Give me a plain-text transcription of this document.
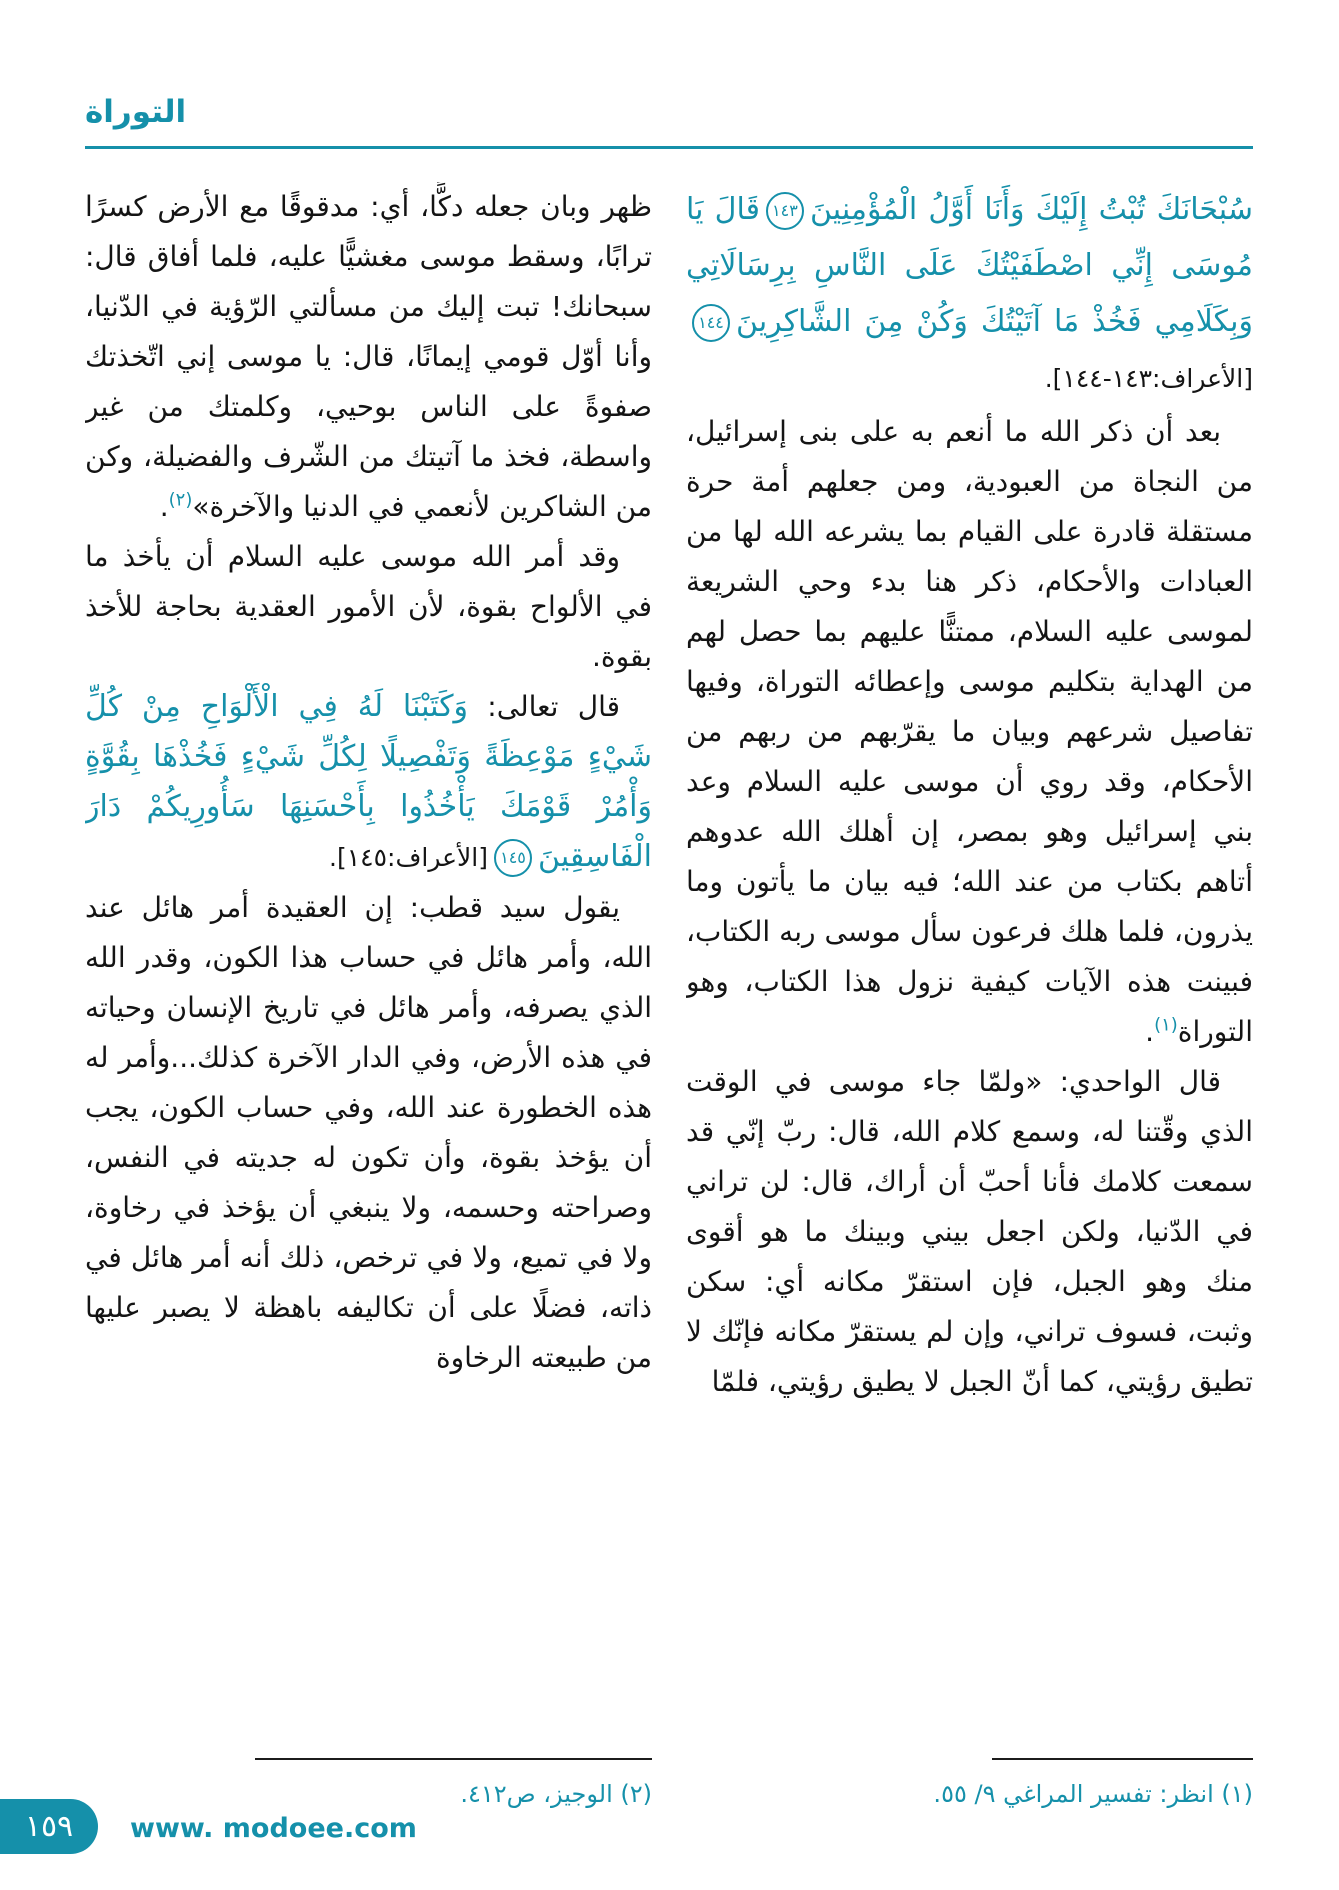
التوراة

سُبْحَانَكَ تُبْتُ إِلَيْكَ وَأَنَا أَوَّلُ الْمُؤْمِنِينَ١٤٣قَالَ يَا مُوسَى إِنِّي اصْطَفَيْتُكَ عَلَى النَّاسِ بِرِسَالَاتِي وَبِكَلَامِي فَخُذْ مَا آتَيْتُكَ وَكُنْ مِنَ الشَّاكِرِينَ١٤٤[الأعراف:١٤٣-١٤٤].

بعد أن ذكر الله ما أنعم به على بنى إسرائيل، من النجاة من العبودية، ومن جعلهم أمة حرة مستقلة قادرة على القيام بما يشرعه الله لها من العبادات والأحكام، ذكر هنا بدء وحي الشريعة لموسى عليه السلام، ممتنًّا عليهم بما حصل لهم من الهداية بتكليم موسى وإعطائه التوراة، وفيها تفاصيل شرعهم وبيان ما يقرّبهم من ربهم من الأحكام، وقد روي أن موسى عليه السلام وعد بني إسرائيل وهو بمصر، إن أهلك الله عدوهم أتاهم بكتاب من عند الله؛ فيه بيان ما يأتون وما يذرون، فلما هلك فرعون سأل موسى ربه الكتاب، فبينت هذه الآيات كيفية نزول هذا الكتاب، وهو التوراة$^{(١)}$.

قال الواحدي: «ولمّا جاء موسى في الوقت الذي وقّتنا له، وسمع كلام الله، قال: ربّ إنّي قد سمعت كلامك فأنا أحبّ أن أراك، قال: لن تراني في الدّنيا، ولكن اجعل بيني وبينك ما هو أقوى منك وهو الجبل، فإن استقرّ مكانه أي: سكن وثبت، فسوف تراني، وإن لم يستقرّ مكانه فإنّك لا تطيق رؤيتي، كما أنّ الجبل لا يطيق رؤيتي، فلمّا

(١) انظر: تفسير المراغي ٩/ ٥٥.

ظهر وبان جعله دكًّا، أي: مدقوقًا مع الأرض كسرًا ترابًا، وسقط موسى مغشيًّا عليه، فلما أفاق قال: سبحانك! تبت إليك من مسألتي الرّؤية في الدّنيا، وأنا أوّل قومي إيمانًا، قال: يا موسى إني اتّخذتك صفوةً على الناس بوحيي، وكلمتك من غير واسطة، فخذ ما آتيتك من الشّرف والفضيلة، وكن من الشاكرين لأنعمي في الدنيا والآخرة»$^{(٢)}$.

وقد أمر الله موسى عليه السلام أن يأخذ ما في الألواح بقوة، لأن الأمور العقدية بحاجة للأخذ بقوة.

قال تعالى: وَكَتَبْنَا لَهُ فِي الْأَلْوَاحِ مِنْ كُلِّ شَيْءٍ مَوْعِظَةً وَتَفْصِيلًا لِكُلِّ شَيْءٍ فَخُذْهَا بِقُوَّةٍ وَأْمُرْ قَوْمَكَ يَأْخُذُوا بِأَحْسَنِهَا سَأُورِيكُمْ دَارَ الْفَاسِقِينَ١٤٥[الأعراف:١٤٥].

يقول سيد قطب: إن العقيدة أمر هائل عند الله، وأمر هائل في حساب هذا الكون، وقدر الله الذي يصرفه، وأمر هائل في تاريخ الإنسان وحياته في هذه الأرض، وفي الدار الآخرة كذلك...وأمر له هذه الخطورة عند الله، وفي حساب الكون، يجب أن يؤخذ بقوة، وأن تكون له جديته في النفس، وصراحته وحسمه، ولا ينبغي أن يؤخذ في رخاوة، ولا في تميع، ولا في ترخص، ذلك أنه أمر هائل في ذاته، فضلًا على أن تكاليفه باهظة لا يصبر عليها من طبيعته الرخاوة

(٢) الوجيز، ص٤١٢.
١٥٩ www. modoee.com
